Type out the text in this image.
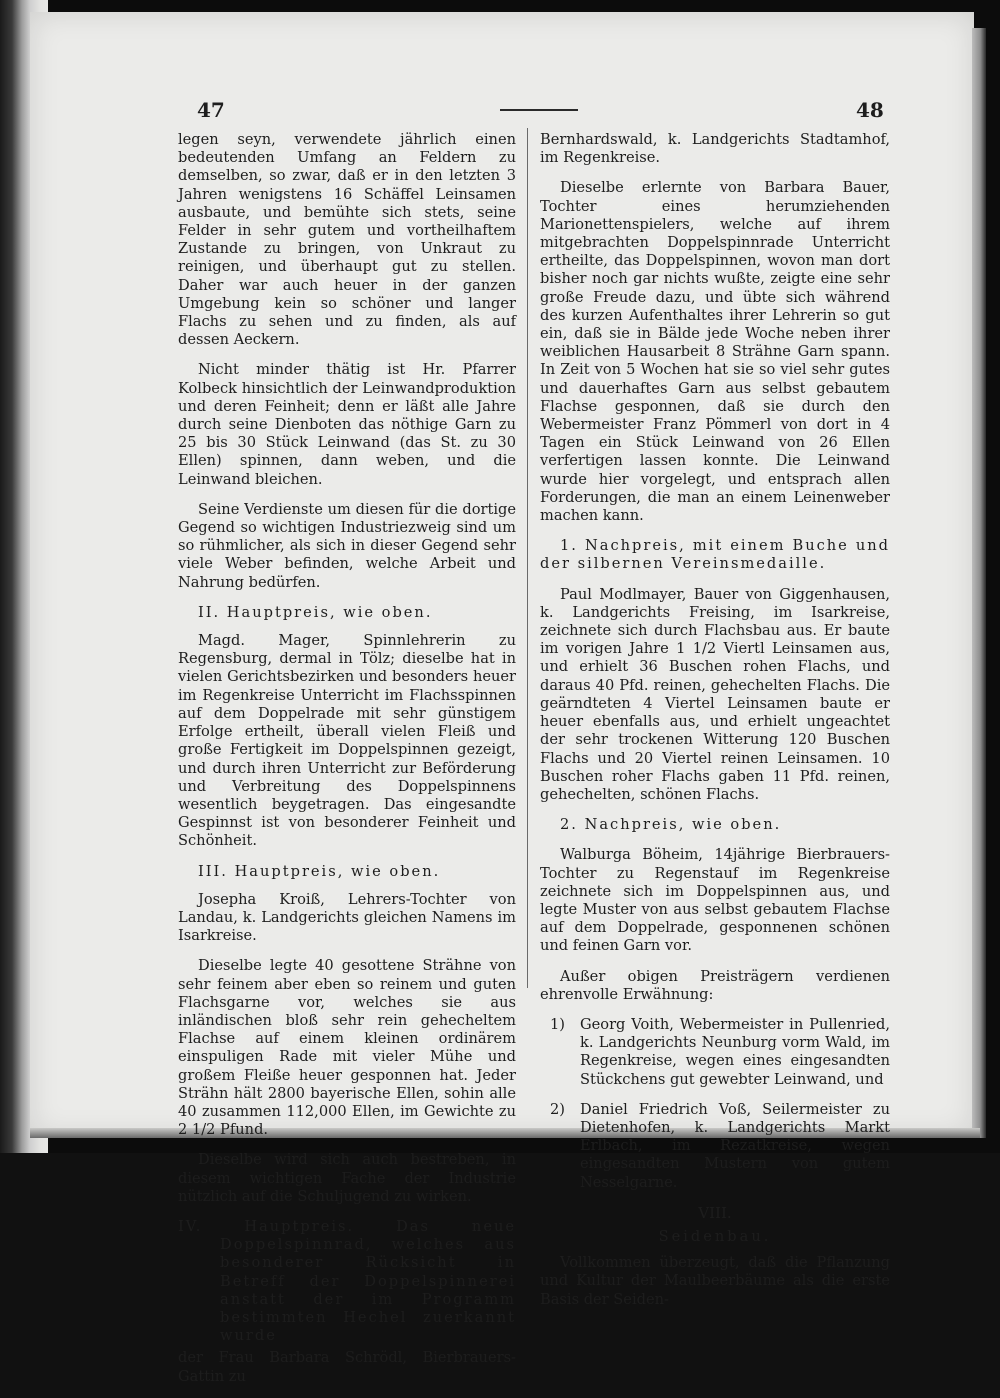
47	48

legen seyn, verwendete jährlich einen bedeutenden Umfang an Feldern zu demselben, so zwar, daß er in den letzten 3 Jahren wenigstens 16 Schäffel Leinsamen ausbaute, und bemühte sich stets, seine Felder in sehr gutem und vortheilhaftem Zustande zu bringen, von Unkraut zu reinigen, und überhaupt gut zu stellen. Daher war auch heuer in der ganzen Umgebung kein so schöner und langer Flachs zu sehen und zu finden, als auf dessen Aeckern.

Nicht minder thätig ist Hr. Pfarrer Kolbeck hinsichtlich der Leinwandproduktion und deren Feinheit; denn er läßt alle Jahre durch seine Dienboten das nöthige Garn zu 25 bis 30 Stück Leinwand (das St. zu 30 Ellen) spinnen, dann weben, und die Leinwand bleichen.

Seine Verdienste um diesen für die dortige Gegend so wichtigen Industriezweig sind um so rühmlicher, als sich in dieser Gegend sehr viele Weber befinden, welche Arbeit und Nahrung bedürfen.

II. Hauptpreis, wie oben.

Magd. Mager, Spinnlehrerin zu Regensburg, dermal in Tölz; dieselbe hat in vielen Gerichtsbezirken und besonders heuer im Regenkreise Unterricht im Flachsspinnen auf dem Doppelrade mit sehr günstigem Erfolge ertheilt, überall vielen Fleiß und große Fertigkeit im Doppelspinnen gezeigt, und durch ihren Unterricht zur Beförderung und Verbreitung des Doppelspinnens wesentlich beygetragen. Das eingesandte Gespinnst ist von besonderer Feinheit und Schönheit.

III. Hauptpreis, wie oben.

Josepha Kroiß, Lehrers-Tochter von Landau, k. Landgerichts gleichen Namens im Isarkreise.

Dieselbe legte 40 gesottene Strähne von sehr feinem aber eben so reinem und guten Flachsgarne vor, welches sie aus inländischen bloß sehr rein gehecheltem Flachse auf einem kleinen ordinärem einspuligen Rade mit vieler Mühe und großem Fleiße heuer gesponnen hat. Jeder Strähn hält 2800 bayerische Ellen, sohin alle 40 zusammen 112,000 Ellen, im Gewichte zu 2 1/2 Pfund.

Dieselbe wird sich auch bestreben, in diesem wichtigen Fache der Industrie nützlich auf die Schuljugend zu wirken.

IV. Hauptpreis. Das neue Doppelspinnrad, welches aus besonderer Rücksicht in Betreff der Doppelspinnerei anstatt der im Programm bestimmten Hechel zuerkannt wurde

der Frau Barbara Schrödl, Bierbrauers-Gattin zu

Bernhardswald, k. Landgerichts Stadtamhof, im Regenkreise.

Dieselbe erlernte von Barbara Bauer, Tochter eines herumziehenden Marionettenspielers, welche auf ihrem mitgebrachten Doppelspinnrade Unterricht ertheilte, das Doppelspinnen, wovon man dort bisher noch gar nichts wußte, zeigte eine sehr große Freude dazu, und übte sich während des kurzen Aufenthaltes ihrer Lehrerin so gut ein, daß sie in Bälde jede Woche neben ihrer weiblichen Hausarbeit 8 Strähne Garn spann. In Zeit von 5 Wochen hat sie so viel sehr gutes und dauerhaftes Garn aus selbst gebautem Flachse gesponnen, daß sie durch den Webermeister Franz Pömmerl von dort in 4 Tagen ein Stück Leinwand von 26 Ellen verfertigen lassen konnte. Die Leinwand wurde hier vorgelegt, und entsprach allen Forderungen, die man an einem Leinenweber machen kann.

1. Nachpreis, mit einem Buche und der silbernen Vereinsmedaille.

Paul Modlmayer, Bauer von Giggenhausen, k. Landgerichts Freising, im Isarkreise, zeichnete sich durch Flachsbau aus. Er baute im vorigen Jahre 1 1/2 Viertl Leinsamen aus, und erhielt 36 Buschen rohen Flachs, und daraus 40 Pfd. reinen, gehechelten Flachs. Die geärndteten 4 Viertel Leinsamen baute er heuer ebenfalls aus, und erhielt ungeachtet der sehr trockenen Witterung 120 Buschen Flachs und 20 Viertel reinen Leinsamen. 10 Buschen roher Flachs gaben 11 Pfd. reinen, gehechelten, schönen Flachs.

2. Nachpreis, wie oben.

Walburga Böheim, 14jährige Bierbrauers-Tochter zu Regenstauf im Regenkreise zeichnete sich im Doppelspinnen aus, und legte Muster von aus selbst gebautem Flachse auf dem Doppelrade, gesponnenen schönen und feinen Garn vor.

Außer obigen Preisträgern verdienen ehrenvolle Erwähnung:

1)	Georg Voith, Webermeister in Pullenried, k. Landgerichts Neunburg vorm Wald, im Regenkreise, wegen eines eingesandten Stückchens gut gewebter Leinwand, und
2)	Daniel Friedrich Voß, Seilermeister zu Dietenhofen, k. Landgerichts Markt Erlbach, im Rezatkreise, wegen eingesandten Mustern von gutem Nesselgarne.
VIII.
Seidenbau.

Vollkommen überzeugt, daß die Pflanzung und Kultur der Maulbeerbäume als die erste Basis der Seiden-
